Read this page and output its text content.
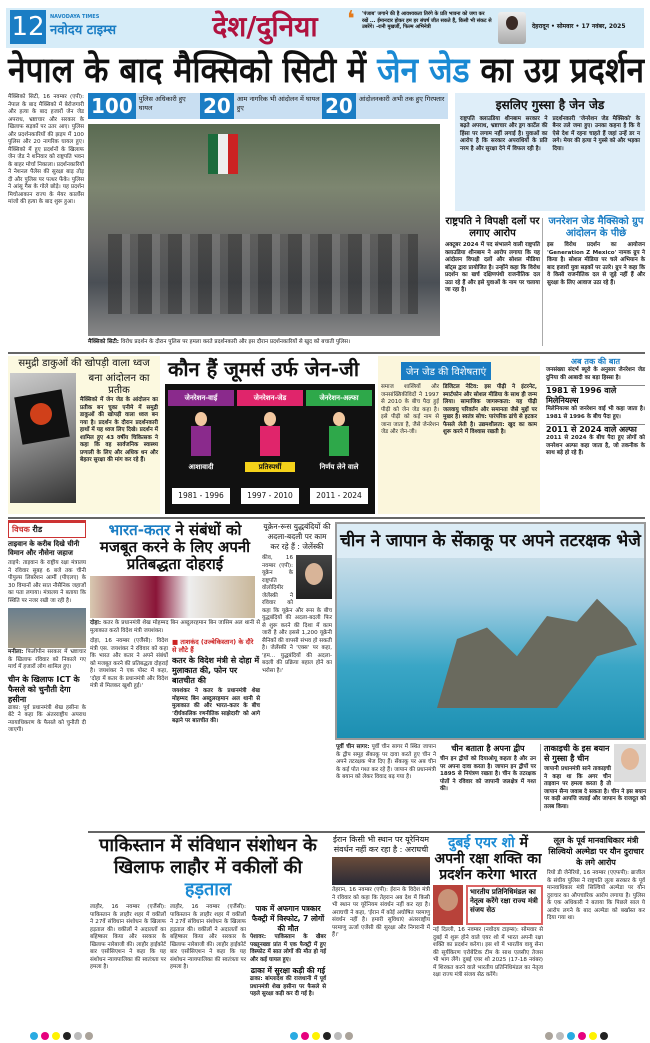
12 NAVODAYA TIMES
नवोदय टाइम्स	देश/दुनिया	❛ 'पंजाब' जगाने की है आवश्यकता तिरंगे के प्रति भावना को जगा कर रखें ... ईमानदार होकर हम हर संघर्ष जीत सकते हैं, किसी भी संकट से उबरेंगे। -रानी मुखर्जी, फिल्म अभिनेत्री	देहरादून • सोमवार • 17 नवंबर, 2025
नेपाल के बाद मैक्सिको सिटी में जेन जेड का उग्र प्रदर्शन
मैक्सिको सिटी, 16 नवम्बर (एपी): नेपाल के बाद मैक्सिको में बेरोजगारी और हत्या के बाद हजारों जेन जेड अपराध, भ्रष्टाचार और सरकार के खिलाफ सड़कों पर उतर आए। पुलिस और प्रदर्शनकारियों की झड़प में 100 पुलिस और 20 नागरिक घायल हुए। मैक्सिको में हुए प्रदर्शनों के खिलाफ जेन जेड ने शनिवार को राष्ट्रपति भवन के बाहर मोर्चा निकाला। प्रदर्शनकारियों ने नेशनल पैलेस की सुरक्षा बाड़ तोड़ दी और पुलिस पर पत्थर फेंके। पुलिस ने आंसू गैस के गोले छोड़े। यह प्रदर्शन मिचोआकान राज्य के मेयर कार्लोस मांजो की हत्या के बाद शुरू हुआ।
100 पुलिस अधिकारी हुए घायल	20 आम नागरिक भी आंदोलन में घायल हुए	20 आंदोलनकारी अभी तक हुए गिरफ्तार
मैक्सिको सिटी: विरोध प्रदर्शन के दौरान पुलिस पर हमला करते प्रदर्शनकारी और इस दौरान प्रदर्शनकारियों से खुद को बचाती पुलिस।
इसलिए गुस्सा है जेन जेड
राष्ट्रपति क्लाउडिया शीनबाम सरकार ने बढ़ते अपराध, भ्रष्टाचार और ड्रग कार्टेल की हिंसा पर लगाम नहीं लगाई है। युवाओं का आरोप है कि सरकार अपराधियों के प्रति नरम है और सुरक्षा देने में विफल रही है।
प्रदर्शनकारी 'जेनरेशन जेड मैक्सिको' के बैनर तले जमा हुए। उनका कहना है कि वे ऐसे देश में रहना चाहते हैं जहां उन्हें डर न लगे। मेयर की हत्या ने गुस्से को और भड़का दिया।
राष्ट्रपति ने विपक्षी दलों पर लगाए आरोप
अक्टूबर 2024 में पद संभालने वाली राष्ट्रपति क्लाउडिया शीनबाम ने आरोप लगाया कि यह आंदोलन विपक्षी दलों और सोशल मीडिया बॉट्स द्वारा प्रायोजित है। उन्होंने कहा कि विरोध प्रदर्शन का खर्च दक्षिणपंथी राजनीतिक दल उठा रहे हैं और इसे युवाओं के नाम पर चलाया जा रहा है।
जनरेशन जेड मैक्सिको ग्रुप आंदोलन के पीछे
इस विरोध प्रदर्शन का आयोजन 'Generation Z Mexico' नामक ग्रुप ने किया है। सोशल मीडिया पर चले अभियान के बाद हजारों युवा सड़कों पर उतरे। ग्रुप ने कहा कि वे किसी राजनीतिक दल से जुड़े नहीं हैं और सुरक्षा के लिए आवाज उठा रहे हैं।
समुद्री डाकुओं की खोपड़ी वाला ध्वज
बना आंदोलन का प्रतीक
मैक्सिको में जेन जेड के आंदोलन का प्रतीक बन चुका एनीमे में समुद्री डाकुओं की खोपड़ी वाला ध्वज बन गया है। प्रदर्शन के दौरान प्रदर्शनकारी हाथों में यह ध्वज लिए दिखे। प्रदर्शन में शामिल हुए 43 वर्षीय चिकित्सक ने कहा कि वह सार्वजनिक स्वास्थ्य प्रणाली के लिए और अधिक धन और बेहतर सुरक्षा की मांग कर रहे हैं।
कौन हैं जूमर्स उर्फ जेन-जी
जेनरेशन-वाई
आशावादी
1981 - 1996
जेनरेशन-जेड
प्रतिस्पर्धी
1997 - 2010
जेनरेशन-अल्फा
निर्णय लेने वाले
2011 - 2024
जेन जेड की विशेषताएं
समाज शास्त्रियों और जनसांख्यिकीविदों ने 1997 से 2010 के बीच पैदा हुई पीढ़ी को जेन जेड कहा है। इसे पीढ़ी को कई नाम से जाना जाता है, जैसे जेनरेशन जेड और जेन-जी।
डिजिटल नेटिव: इस पीढ़ी ने इंटरनेट, स्मार्टफोन और सोशल मीडिया के साथ ही जन्म लिया। सामाजिक जागरूकता: यह पीढ़ी जलवायु परिवर्तन और समानता जैसे मुद्दों पर मुखर है। स्वतंत्र सोच: पारंपरिक ढांचे से हटकर फैसले लेती है। उद्यमशीलता: खुद का काम शुरू करने में विश्वास रखती है।
अब तक की बात
जनसंख्या संदर्भ ब्यूरो के अनुसार जेनरेशन जेड दुनिया की आबादी का बड़ा हिस्सा है।
1981 से 1996 वाले मिलेनियल्स
मिलेनियल्स को जनरेशन वाई भी कहा जाता है। 1981 से 1996 के बीच पैदा हुए।
2011 से 2024 वाले अल्फा
2011 से 2024 के बीच पैदा हुए लोगों को जनरेशन अल्फा कहा जाता है, जो तकनीक के साथ बड़े हो रहे हैं।
विचक रीड
ताइवान के करीब दिखे चीनी विमान और नौसेना जहाज
ताइपे: ताइवान के राष्ट्रीय रक्षा मंत्रालय ने रविवार सुबह 6 बजे तक चीनी पीपुल्स लिबरेशन आर्मी (पीएलए) के 30 विमानों और सात नौसैनिक जहाजों का पता लगाया। मंत्रालय ने बताया कि स्थिति पर नजर रखी जा रही है।
मनीला: फिलीपीन सरकार में भ्रष्टाचार के खिलाफ रविवार को निकाले गए मार्च में हजारों लोग शामिल हुए।
चीन के खिलाफ ICT के फैसले को चुनौती देगा हसीना
ढाका: पूर्व प्रधानमंत्री शेख हसीना के बेटे ने कहा कि अंतरराष्ट्रीय अपराध न्यायाधिकरण के फैसले को चुनौती दी जाएगी।
भारत-कतर ने संबंधों को मजबूत करने के लिए अपनी प्रतिबद्धता दोहराई
दोहा: कतर के प्रधानमंत्री शेख मोहम्मद बिन अब्दुलरहमान बिन जासिम अल थानी से मुलाकात करते विदेश मंत्री जयशंकर।
दोहा, 16 नवम्बर (एजैंसी): विदेश मंत्री एस. जयशंकर ने रविवार को कहा कि भारत और कतर ने अपने संबंधों को मजबूत करने की प्रतिबद्धता दोहराई है। जयशंकर ने एक पोस्ट में कहा, 'दोहा में कतर के प्रधानमंत्री और विदेश मंत्री से मिलकर खुशी हुई।'
■ ताशकंद (उज्बेकिस्तान) के दौरे से लौटे हैं
कतर के विदेश मंत्री से दोहा में मुलाकात की, फोन पर बातचीत की
जयशंकर ने कतर के प्रधानमंत्री शेख मोहम्मद बिन अब्दुलरहमान अल थानी से मुलाकात की और भारत-कतर के बीच 'दीर्घकालिक रणनीतिक साझेदारी' को आगे बढ़ाने पर बातचीत की।
यूक्रेन-रूस युद्धबंदियों की अदला-बदली पर काम कर रहे हैं : जेलेंस्की
कीव, 16 नवम्बर (एपी): यूक्रेन के राष्ट्रपति वोलोदिमीर जेलेंस्की ने रविवार को कहा कि यूक्रेन और रूस के बीच युद्धबंदियों की अदला-बदली फिर से शुरू करने की दिशा में काम जारी है और इससे 1,200 यूक्रेनी सैनिकों की वापसी संभव हो सकती है। जेलेंस्की ने 'एक्स' पर कहा, 'हम... युद्धबंदियों की अदला-बदली की प्रक्रिया बहाल होने का भरोसा है।'
चीन ने जापान के सेंकाकू पर अपने तटरक्षक भेजे
पूर्वी चीन सागर: पूर्वी चीन सागर में स्थित जापान के द्वीप समूह सेंकाकू पर दावा करते हुए चीन ने अपने तटरक्षक भेज दिए हैं। सेंकाकू पर अब चीन के कई पोत गश्त कर रहे हैं। जापान की प्रधानमंत्री के बयान को लेकर विवाद बढ़ गया है।
चीन बताता है अपना द्वीप
चीन इन द्वीपों को दियाओयू कहता है और उन पर अपना दावा करता है। जापान इन द्वीपों पर 1895 से नियंत्रण रखता है। चीन के तटरक्षक पोतों ने रविवार को जापानी जलक्षेत्र में गश्त की।
ताकाइची के इस बयान से गुस्सा है चीन
जापानी प्रधानमंत्री साने ताकाइची ने कहा था कि अगर चीन ताइवान पर हमला करता है तो जापान सैन्य जवाब दे सकता है। चीन ने इस बयान पर कड़ी आपत्ति जताई और जापान के राजदूत को तलब किया।
पाकिस्तान में संविधान संशोधन के खिलाफ लाहौर में वकीलों की हड़ताल
लाहौर, 16 नवम्बर (एजैंसी): पाकिस्तान के लाहौर शहर में वकीलों ने 27वें संविधान संशोधन के खिलाफ हड़ताल की। वकीलों ने अदालतों का बहिष्कार किया और सरकार के खिलाफ नारेबाजी की। लाहौर हाईकोर्ट बार एसोसिएशन ने कहा कि यह संशोधन न्यायपालिका की स्वतंत्रता पर हमला है।
लाहौर, 16 नवम्बर (एजैंसी): पाकिस्तान के लाहौर शहर में वकीलों ने 27वें संविधान संशोधन के खिलाफ हड़ताल की। वकीलों ने अदालतों का बहिष्कार किया और सरकार के खिलाफ नारेबाजी की। लाहौर हाईकोर्ट बार एसोसिएशन ने कहा कि यह संशोधन न्यायपालिका की स्वतंत्रता पर हमला है।
पाक में अफगान पत्रकार फैक्ट्री में विस्फोट, 7 लोगों की मौत
पेशावर: पाकिस्तान के खैबर पख्तूनख्वा प्रांत में एक फैक्ट्री में हुए विस्फोट में सात लोगों की मौत हो गई और कई घायल हुए।
ढाका में सुरक्षा कड़ी की गई
ढाका: बांग्लादेश की राजधानी में पूर्व प्रधानमंत्री शेख हसीना पर फैसले से पहले सुरक्षा कड़ी कर दी गई है।
ईरान किसी भी स्थान पर यूरेनियम संवर्धन नहीं कर रहा है : अराघची
तेहरान, 16 नवम्बर (एपी): ईरान के विदेश मंत्री ने रविवार को कहा कि तेहरान अब देश में किसी भी स्थान पर यूरेनियम संवर्धन नहीं कर रहा है। अराघची ने कहा, 'ईरान में कोई अघोषित परमाणु संवर्धन नहीं है। हमारी सुविधाएं अंतरराष्ट्रीय परमाणु ऊर्जा एजेंसी की सुरक्षा और निगरानी में हैं।'
दुबई एयर शो में अपनी रक्षा शक्ति का प्रदर्शन करेगा भारत
भारतीय प्रतिनिधिमंडल का नेतृत्व करेंगे रक्षा राज्य मंत्री संजय सेठ
नई दिल्ली, 16 नवम्बर (नवोदय टाइम्स): सोमवार से दुबई में शुरू होने वाले एयर शो में भारत अपनी रक्षा शक्ति का प्रदर्शन करेगा। इस शो में भारतीय वायु सेना की सूर्यकिरण एरोबेटिक टीम के साथ एलसीए तेजस भी भाग लेंगे। दुबई एयर शो 2025 (17-18 नवंबर) में शिरकत करने वाले भारतीय प्रतिनिधिमंडल का नेतृत्व रक्षा राज्य मंत्री संजय सेठ करेंगे।
लूल के पूर्व मानवाधिकार मंत्री सिल्वियो अल्मेडा पर यौन दुराचार के लगे आरोप
रियो डी जेनेरियो, 16 नवम्बर (एएफपी): ब्राजील के संघीय पुलिस ने राष्ट्रपति लूला सरकार के पूर्व मानवाधिकार मंत्री सिल्वियो अल्मेडा पर यौन दुराचार का औपचारिक आरोप लगाया है। पुलिस के एक अधिकारी ने बताया कि पिछले साल ये आरोप लगने के बाद अल्मेडा को बर्खास्त कर दिया गया था।
